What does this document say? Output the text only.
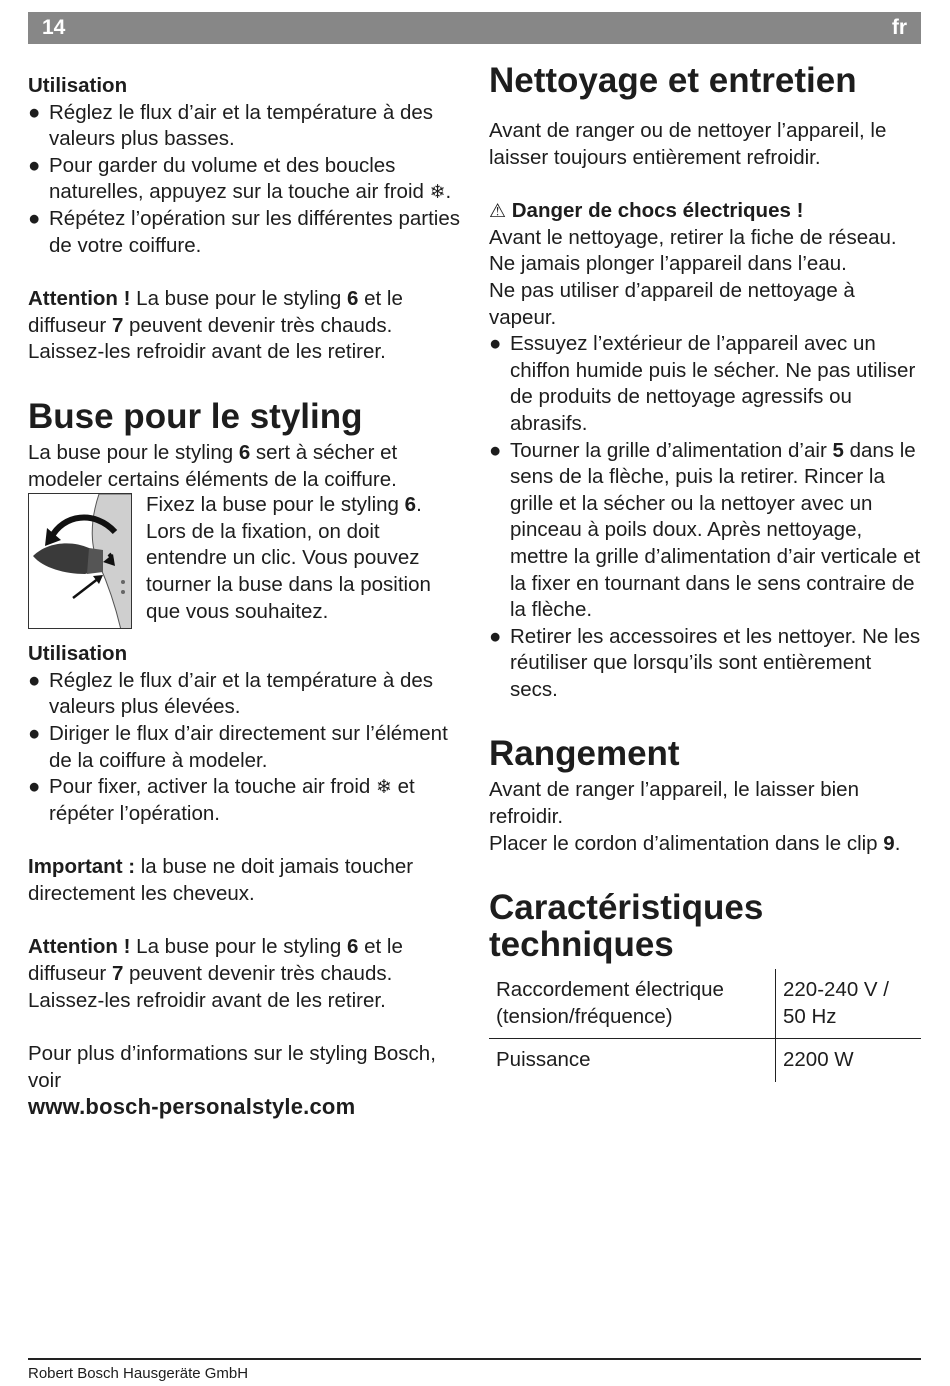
14	fr
Utilisation
● Réglez le flux d’air et la température à des valeurs plus basses.
● Pour garder du volume et des boucles naturelles, appuyez sur la touche air froid ❄.
● Répétez l’opération sur les différentes parties de votre coiffure.

Attention ! La buse pour le styling 6 et le diffuseur 7 peuvent devenir très chauds. Laissez-les refroidir avant de les retirer.

Buse pour le styling

La buse pour le styling 6 sert à sécher et modeler certains éléments de la coiffure.

Fixez la buse pour le styling 6. Lors de la fixation, on doit entendre un clic. Vous pouvez tourner la buse dans la position que vous souhaitez.
Utilisation
● Réglez le flux d’air et la température à des valeurs plus élevées.
● Diriger le flux d’air directement sur l’élément de la coiffure à modeler.
● Pour fixer, activer la touche air froid ❄ et répéter l’opération.

Important : la buse ne doit jamais toucher directement les cheveux.

Attention ! La buse pour le styling 6 et le diffuseur 7 peuvent devenir très chauds. Laissez-les refroidir avant de les retirer.

Pour plus d’informations sur le styling Bosch, voir

www.bosch-personalstyle.com

Nettoyage et entretien

Avant de ranger ou de nettoyer l’appareil, le laisser toujours entièrement refroidir.

⚠ Danger de chocs électriques !

Avant le nettoyage, retirer la fiche de réseau.

Ne jamais plonger l’appareil dans l’eau.

Ne pas utiliser d’appareil de nettoyage à vapeur.

● Essuyez l’extérieur de l’appareil avec un chiffon humide puis le sécher. Ne pas utiliser de produits de nettoyage agressifs ou abrasifs.
● Tourner la grille d’alimentation d’air 5 dans le sens de la flèche, puis la retirer. Rincer la grille et la sécher ou la nettoyer avec un pinceau à poils doux. Après nettoyage, mettre la grille d’alimentation d’air verticale et la fixer en tournant dans le sens contraire de la flèche.
● Retirer les accessoires et les nettoyer. Ne les réutiliser que lorsqu’ils sont entièrement secs.
Rangement

Avant de ranger l’appareil, le laisser bien refroidir.

Placer le cordon d’alimentation dans le clip 9.

Caractéristiques techniques
Raccordement électrique (tension/fréquence)	220-240 V / 50 Hz
Puissance	2200 W
Robert Bosch Hausgeräte GmbH
